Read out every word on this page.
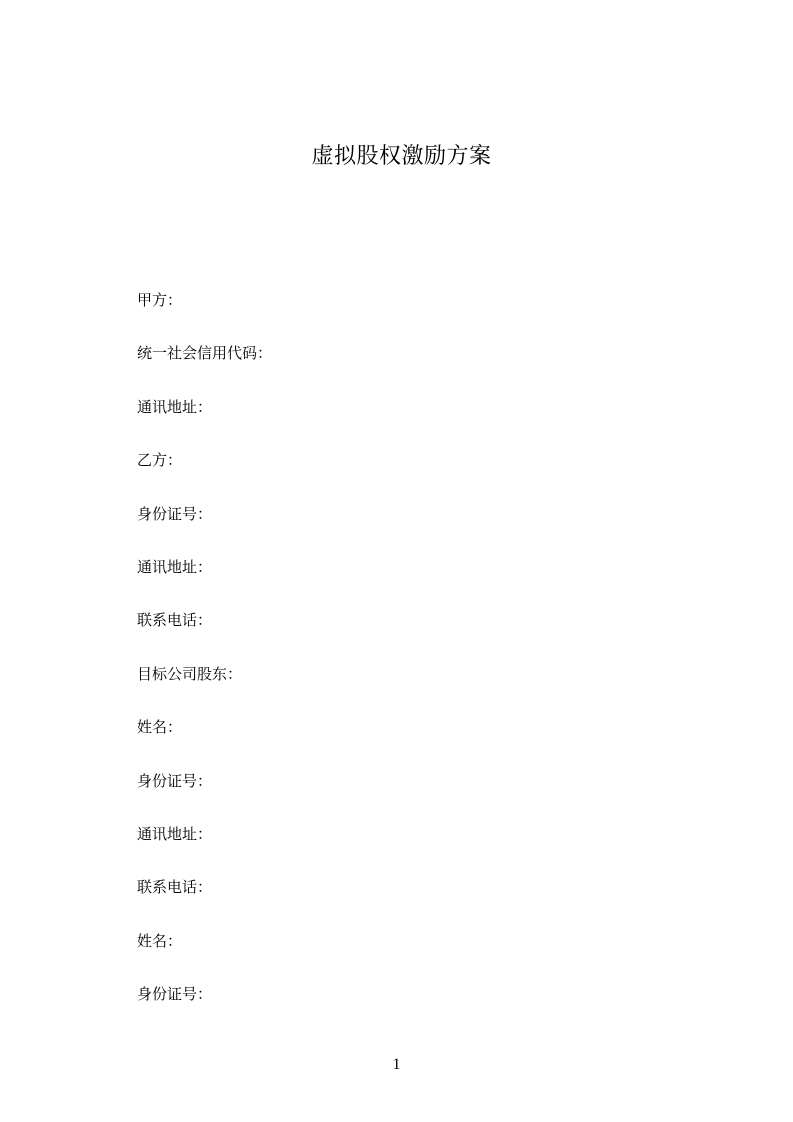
虚拟股权激励方案
甲方：
统一社会信用代码：
通讯地址：
乙方：
身份证号：
通讯地址：
联系电话：
目标公司股东：
姓名：
身份证号：
通讯地址：
联系电话：
姓名：
身份证号：
1
